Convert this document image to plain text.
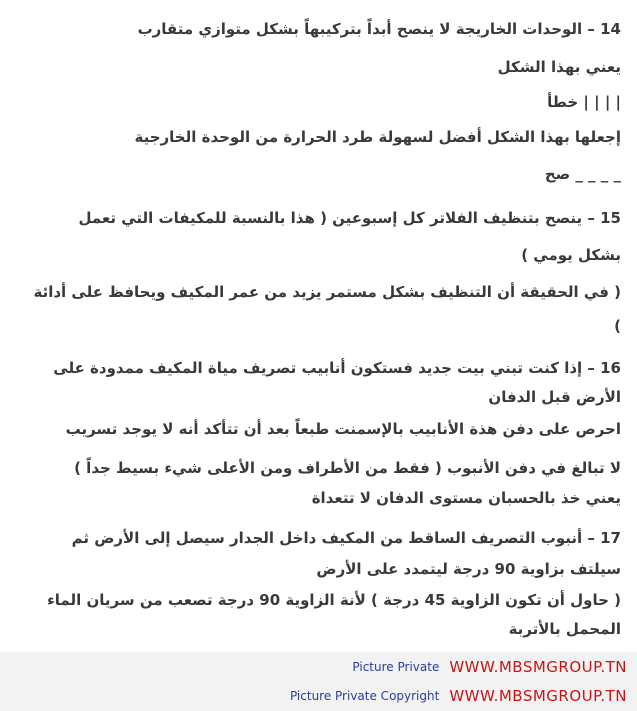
14 – الوحدات الخاريجة لا ينصح أبداً بتركيبهاً بشكل متوازي متقارب
يعني بهذا الشكل
| | | | خطأ
إجعلها بهذا الشكل أفضل لسهولة طرد الحرارة من الوحدة الخارجية
_ _ _ _ صح
15 – ينصح بتنظيف الفلاتر كل إسبوعين ( هذا بالنسبة للمكيفات التي تعمل
بشكل يومي )
( في الحقيقة أن التنظيف بشكل مستمر يزيد من عمر المكيف ويحافظ على أدائة
)
16 – إذا كنت تبني بيت جديد فستكون أنابيب تصريف مياة المكيف ممدودة على
الأرض قبل الدفان
احرص على دفن هذة الأنابيب بالإسمنت طبعاً بعد أن تتأكد أنه لا يوجد تسريب
لا تبالغ في دفن الأنبوب ( فقط من الأطراف ومن الأعلى شيء بسيط جداً )
يعني خذ بالحسبان مستوى الدفان لا تتعداة
17 – أنبوب التصريف الساقط من المكيف داخل الجدار سيصل إلى الأرض ثم
سيلتف بزاوية 90 درجة ليتمدد على الأرض
( حاول أن تكون الزاوية 45 درجة ) لأنة الزاوية 90 درجة تصعب من سريان الماء
المحمل بالأتربة
Picture Private WWW.MBSMGROUP.TN
Picture Private Copyright WWW.MBSMGROUP.TN
